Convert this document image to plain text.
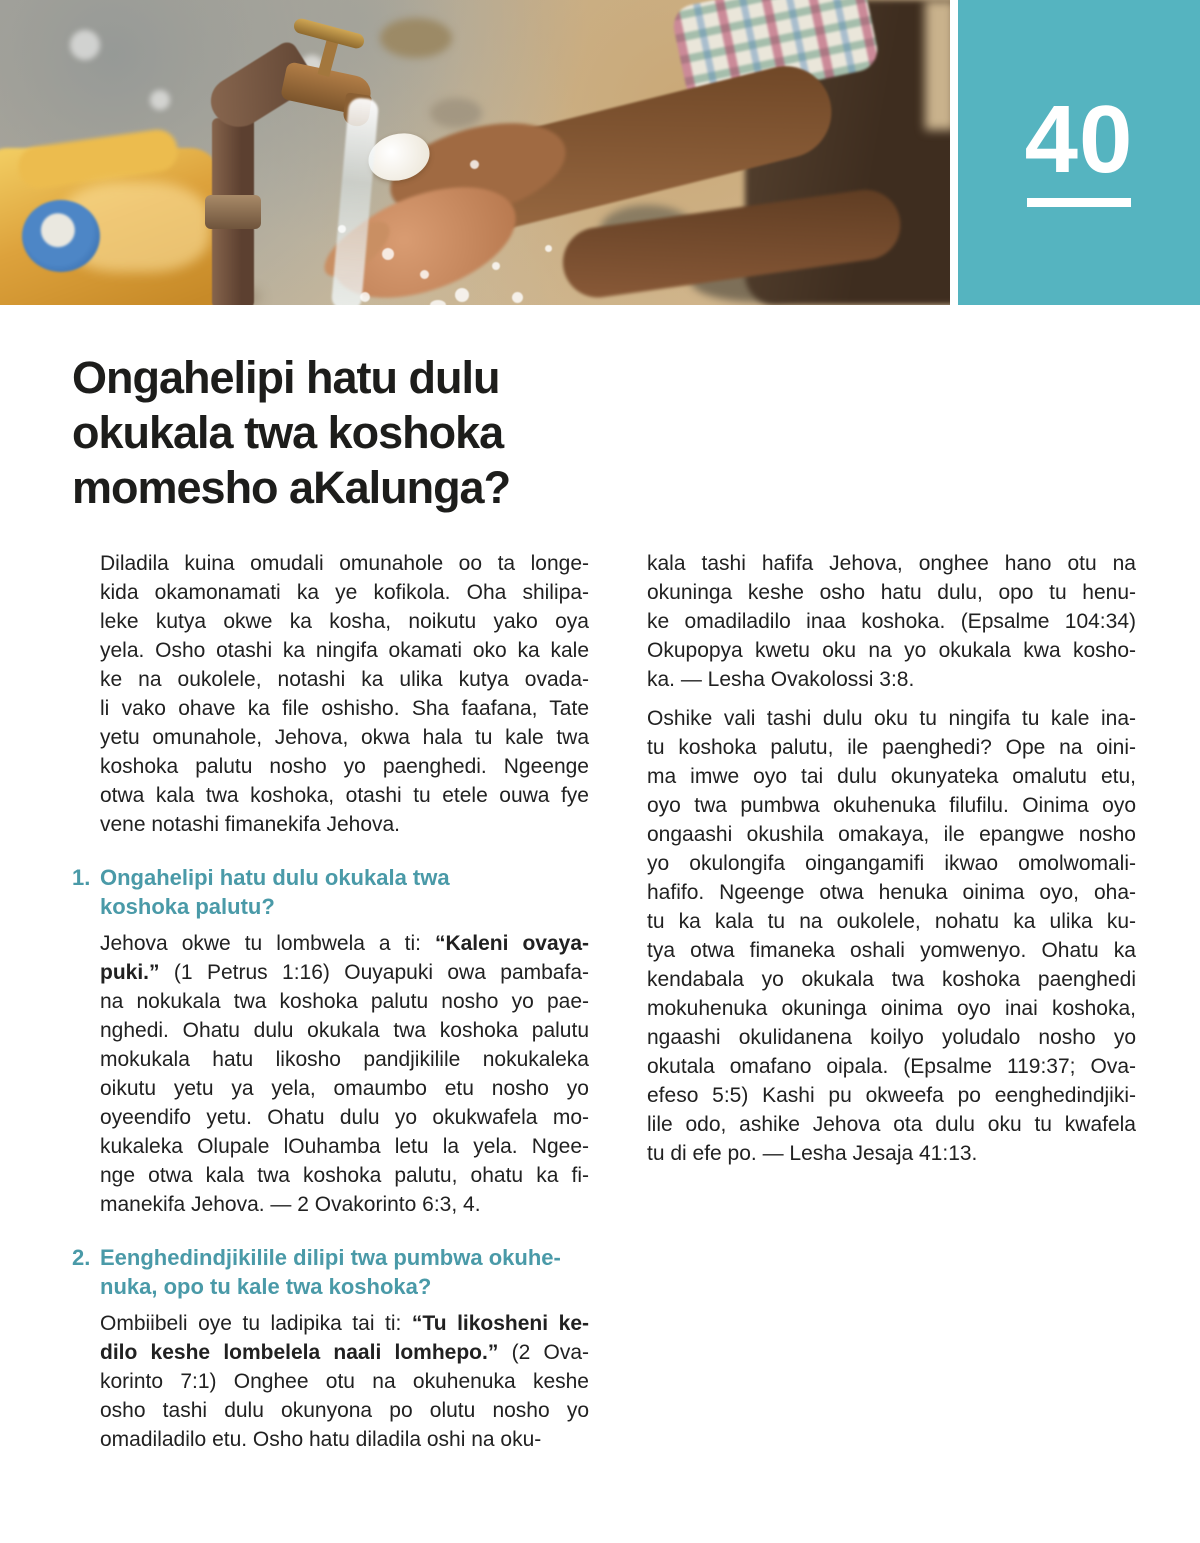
40
Ongahelipi hatu dulu
okukala twa koshoka
momesho aKalunga?
Diladila kuina omudali omunahole oo ta longe-
kida okamonamati ka ye kofikola. Oha shilipa-
leke kutya okwe ka kosha, noikutu yako oya
yela. Osho otashi ka ningifa okamati oko ka kale
ke na oukolele, notashi ka ulika kutya ovada-
li vako ohave ka file oshisho. Sha faafana, Tate
yetu omunahole, Jehova, okwa hala tu kale twa
koshoka palutu nosho yo paenghedi. Ngeenge
otwa kala twa koshoka, otashi tu etele ouwa fye
vene notashi fimanekifa Jehova.
1. Ongahelipi hatu dulu okukala twa
koshoka palutu?
Jehova okwe tu lombwela a ti: “Kaleni ovaya-
puki.” (1 Petrus 1:16) Ouyapuki owa pambafa-
na nokukala twa koshoka palutu nosho yo pae-
nghedi. Ohatu dulu okukala twa koshoka palutu
mokukala hatu likosho pandjikilile nokukaleka
oikutu yetu ya yela, omaumbo etu nosho yo
oyeendifo yetu. Ohatu dulu yo okukwafela mo-
kukaleka Olupale lOuhamba letu la yela. Ngee-
nge otwa kala twa koshoka palutu, ohatu ka fi-
manekifa Jehova. — 2 Ovakorinto 6:3, 4.
2. Eenghedindjikilile dilipi twa pumbwa okuhe-
nuka, opo tu kale twa koshoka?
Ombiibeli oye tu ladipika tai ti: “Tu likosheni ke-
dilo keshe lombelela naali lomhepo.” (2 Ova-
korinto 7:1) Onghee otu na okuhenuka keshe
osho tashi dulu okunyona po olutu nosho yo
omadiladilo etu. Osho hatu diladila oshi na oku-
kala tashi hafifa Jehova, onghee hano otu na
okuninga keshe osho hatu dulu, opo tu henu-
ke omadiladilo inaa koshoka. (Epsalme 104:34)
Okupopya kwetu oku na yo okukala kwa kosho-
ka. — Lesha Ovakolossi 3:8.
Oshike vali tashi dulu oku tu ningifa tu kale ina-
tu koshoka palutu, ile paenghedi? Ope na oini-
ma imwe oyo tai dulu okunyateka omalutu etu,
oyo twa pumbwa okuhenuka filufilu. Oinima oyo
ongaashi okushila omakaya, ile epangwe nosho
yo okulongifa oingangamifi ikwao omolwomali-
hafifo. Ngeenge otwa henuka oinima oyo, oha-
tu ka kala tu na oukolele, nohatu ka ulika ku-
tya otwa fimaneka oshali yomwenyo. Ohatu ka
kendabala yo okukala twa koshoka paenghedi
mokuhenuka okuninga oinima oyo inai koshoka,
ngaashi okulidanena koilyo yoludalo nosho yo
okutala omafano oipala. (Epsalme 119:37; Ova-
efeso 5:5) Kashi pu okweefa po eenghedindjiki-
lile odo, ashike Jehova ota dulu oku tu kwafela
tu di efe po. — Lesha Jesaja 41:13.
